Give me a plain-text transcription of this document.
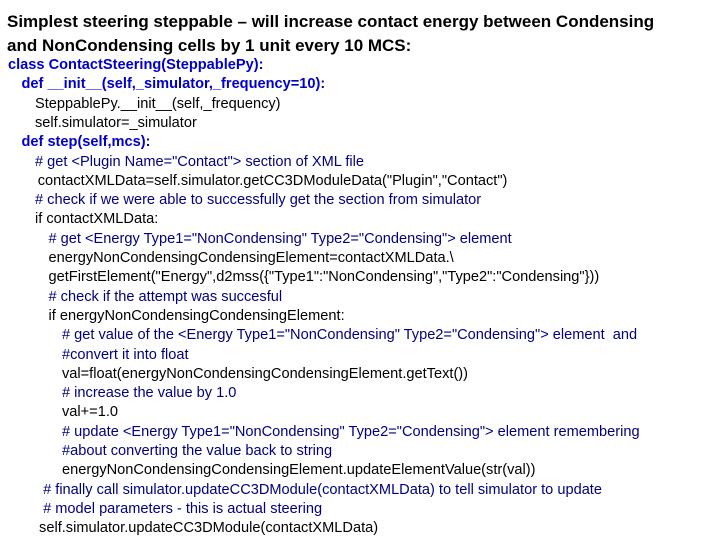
Simplest steering steppable – will increase contact energy between Condensing
and NonCondensing cells by 1 unit every 10 MCS:
class ContactSteering(SteppablePy):
def __init__(self,_simulator,_frequency=10):
SteppablePy.__init__(self,_frequency)
self.simulator=_simulator
def step(self,mcs):
# get <Plugin Name="Contact"> section of XML file
contactXMLData=self.simulator.getCC3DModuleData("Plugin","Contact")
# check if we were able to successfully get the section from simulator
if contactXMLData:
# get <Energy Type1="NonCondensing" Type2="Condensing"> element
energyNonCondensingCondensingElement=contactXMLData.\
getFirstElement("Energy",d2mss({"Type1":"NonCondensing","Type2":"Condensing"}))
# check if the attempt was succesful
if energyNonCondensingCondensingElement:
# get value of the <Energy Type1="NonCondensing" Type2="Condensing"> element  and
#convert it into float
val=float(energyNonCondensingCondensingElement.getText())
# increase the value by 1.0
val+=1.0
# update <Energy Type1="NonCondensing" Type2="Condensing"> element remembering
#about converting the value back to string
energyNonCondensingCondensingElement.updateElementValue(str(val))
# finally call simulator.updateCC3DModule(contactXMLData) to tell simulator to update
# model parameters - this is actual steering
self.simulator.updateCC3DModule(contactXMLData)
